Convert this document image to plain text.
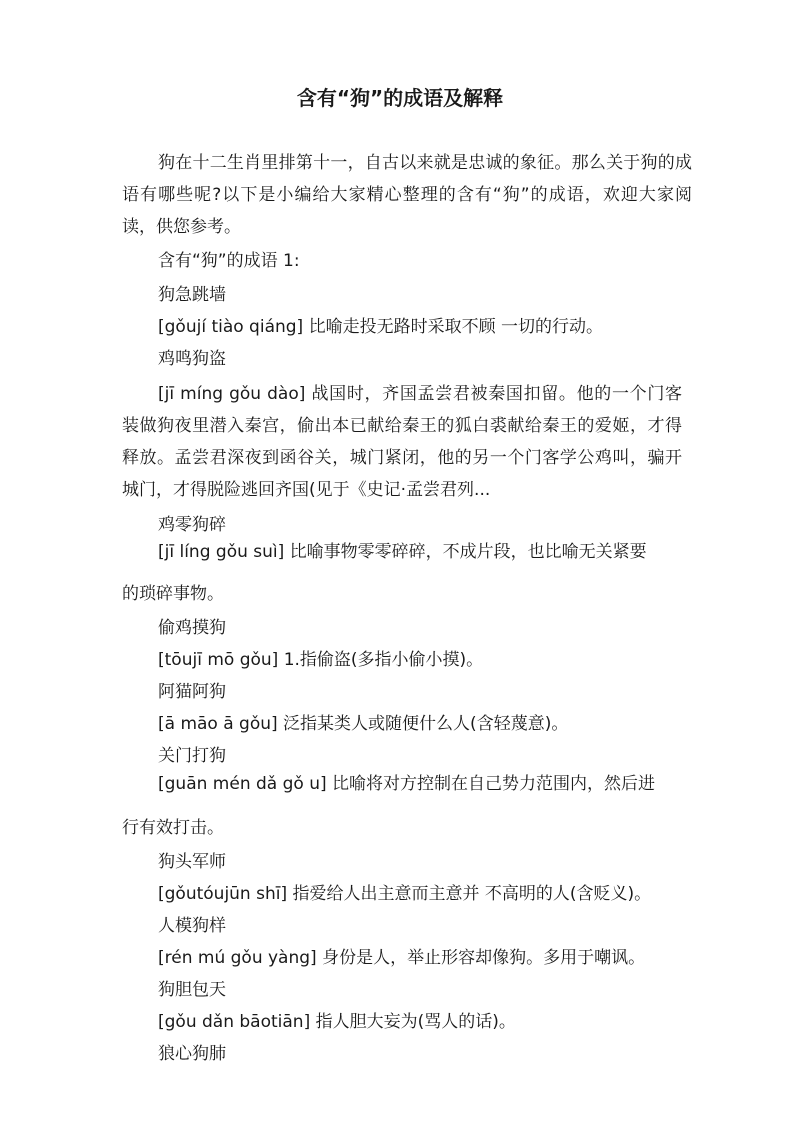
含有“狗”的成语及解释
狗在十二生肖里排第十一，自古以来就是忠诚的象征。那么关于狗的成语有哪些呢?以下是小编给大家精心整理的含有“狗”的成语，欢迎大家阅读，供您参考。
含有“狗”的成语 1:
狗急跳墙
[gǒují tiào qiáng] 比喻走投无路时采取不顾 一切的行动。
鸡鸣狗盗
[jī míng gǒu dào] 战国时，齐国孟尝君被秦国扣留。他的一个门客装做狗夜里潜入秦宫，偷出本已献给秦王的狐白裘献给秦王的爱姬，才得释放。孟尝君深夜到函谷关，城门紧闭，他的另一个门客学公鸡叫，骗开城门，才得脱险逃回齐国(见于《史记·孟尝君列...
鸡零狗碎
[jī líng gǒu suì] 比喻事物零零碎碎，不成片段，也比喻无关紧要
的琐碎事物。
偷鸡摸狗
[tōujī mō gǒu] 1.指偷盗(多指小偷小摸)。
阿猫阿狗
[ā māo ā gǒu] 泛指某类人或随便什么人(含轻蔑意)。
关门打狗
[guān mén dǎ gǒ u] 比喻将对方控制在自己势力范围内，然后进
行有效打击。
狗头军师
[gǒutóujūn shī] 指爱给人出主意而主意并 不高明的人(含贬义)。
人模狗样
[rén mú gǒu yàng] 身份是人，举止形容却像狗。多用于嘲讽。
狗胆包天
[gǒu dǎn bāotiān] 指人胆大妄为(骂人的话)。
狼心狗肺
